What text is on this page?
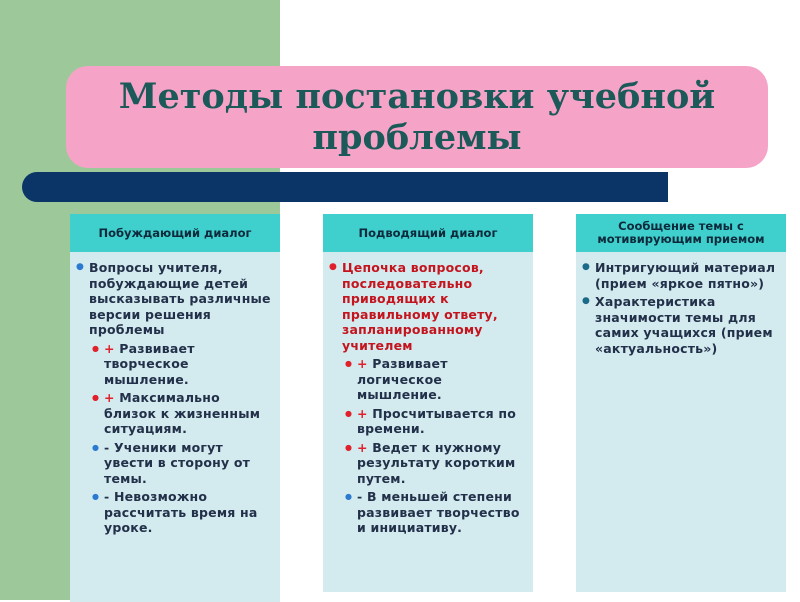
Методы постановки учебной проблемы
Побуждающий диалог
● Вопросы учителя, побуждающие детей высказывать различные версии решения проблемы
● + Развивает творческое мышление.
● + Максимально близок к жизненным ситуациям.
● - Ученики могут увести в сторону от темы.
● - Невозможно рассчитать время на уроке.
Подводящий диалог
● Цепочка вопросов, последовательно приводящих к правильному ответу, запланированному учителем
● + Развивает логическое мышление.
● + Просчитывается по времени.
● + Ведет к нужному результату коротким путем.
● - В меньшей степени развивает творчество и инициативу.
Сообщение темы с мотивирующим приемом
● Интригующий материал (прием «яркое пятно»)
● Характеристика значимости темы для самих учащихся (прием «актуальность»)
